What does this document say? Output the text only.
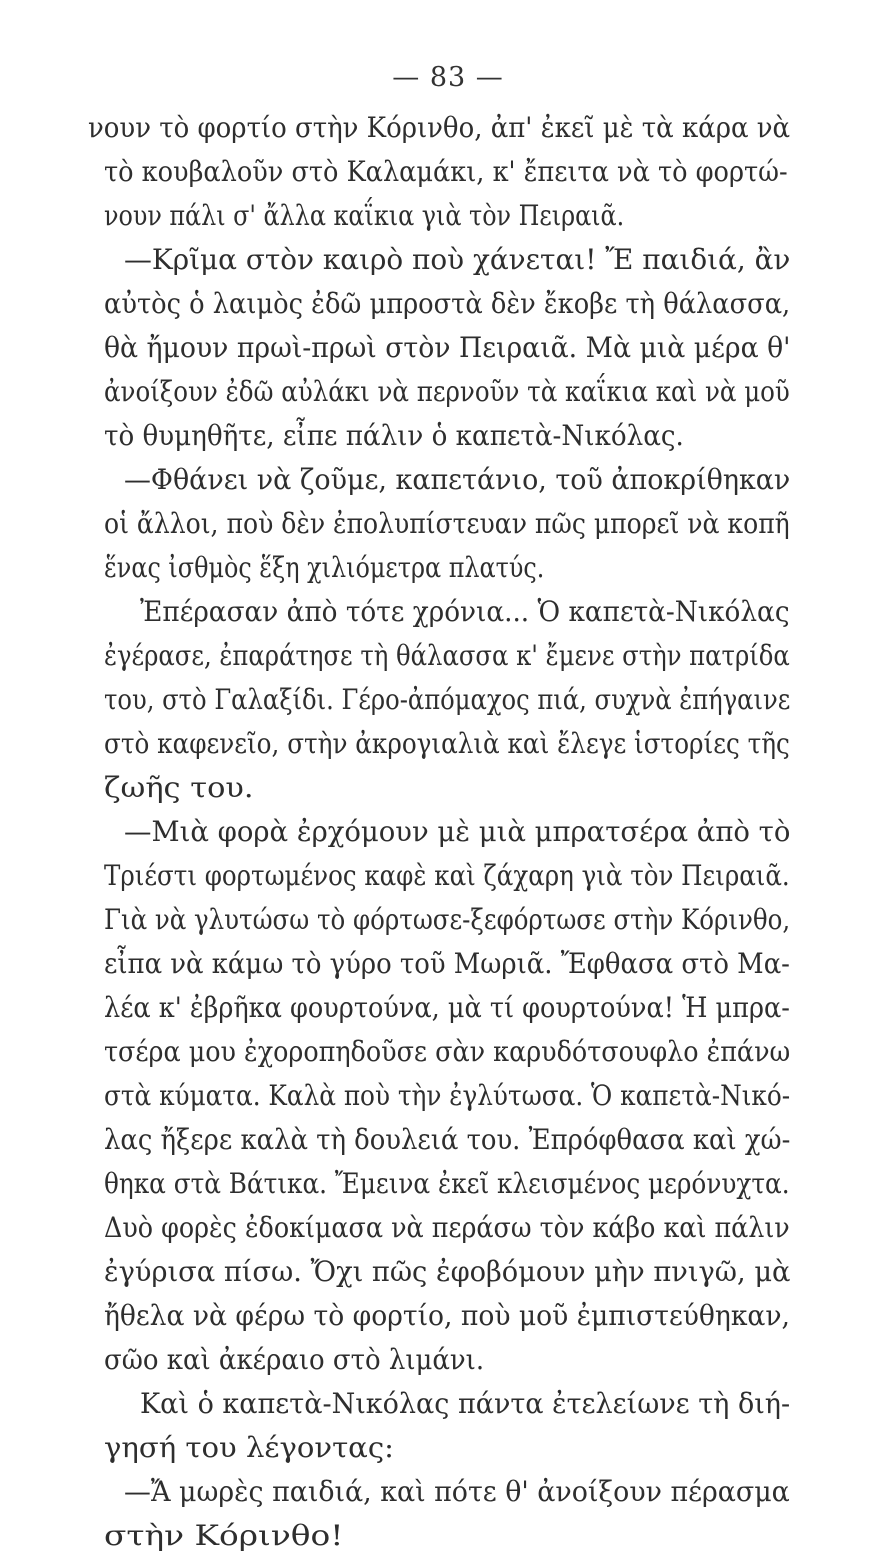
— 83 —
νουν τὸ φορτίο στὴν Κόρινθο, ἀπ' ἐκεῖ μὲ τὰ κάρα νὰ
τὸ κουβαλοῦν στὸ Καλαμάκι, κ' ἔπειτα νὰ τὸ φορτώ-
νουν πάλι σ' ἄλλα καΐκια γιὰ τὸν Πειραιᾶ.
—Κρῖμα στὸν καιρὸ ποὺ χάνεται! Ἔ παιδιά, ἂν
αὐτὸς ὁ λαιμὸς ἐδῶ μπροστὰ δὲν ἔκοβε τὴ θάλασσα,
θὰ ἤμουν πρωὶ-πρωὶ στὸν Πειραιᾶ. Μὰ μιὰ μέρα θ'
ἀνοίξουν ἐδῶ αὐλάκι νὰ περνοῦν τὰ καΐκια καὶ νὰ μοῦ
τὸ θυμηθῆτε, εἶπε πάλιν ὁ καπετὰ-Νικόλας.
—Φθάνει νὰ ζοῦμε, καπετάνιο, τοῦ ἀποκρίθηκαν
οἱ ἄλλοι, ποὺ δὲν ἐπολυπίστευαν πῶς μπορεῖ νὰ κοπῆ
ἕνας ἰσθμὸς ἕξη χιλιόμετρα πλατύς.
Ἐπέρασαν ἀπὸ τότε χρόνια... Ὁ καπετὰ-Νικόλας
ἐγέρασε, ἐπαράτησε τὴ θάλασσα κ' ἔμενε στὴν πατρίδα
του, στὸ Γαλαξίδι. Γέρο-ἀπόμαχος πιά, συχνὰ ἐπήγαινε
στὸ καφενεῖο, στὴν ἀκρογιαλιὰ καὶ ἔλεγε ἱστορίες τῆς
ζωῆς του.
—Μιὰ φορὰ ἐρχόμουν μὲ μιὰ μπρατσέρα ἀπὸ τὸ
Τριέστι φορτωμένος καφὲ καὶ ζάχαρη γιὰ τὸν Πειραιᾶ.
Γιὰ νὰ γλυτώσω τὸ φόρτωσε-ξεφόρτωσε στὴν Κόρινθο,
εἶπα νὰ κάμω τὸ γύρο τοῦ Μωριᾶ. Ἔφθασα στὸ Μα-
λέα κ' ἐβρῆκα φουρτούνα, μὰ τί φουρτούνα! Ἡ μπρα-
τσέρα μου ἐχοροπηδοῦσε σὰν καρυδότσουφλο ἐπάνω
στὰ κύματα. Καλὰ ποὺ τὴν ἐγλύτωσα. Ὁ καπετὰ-Νικό-
λας ἤξερε καλὰ τὴ δουλειά του. Ἐπρόφθασα καὶ χώ-
θηκα στὰ Βάτικα. Ἔμεινα ἐκεῖ κλεισμένος μερόνυχτα.
Δυὸ φορὲς ἐδοκίμασα νὰ περάσω τὸν κάβο καὶ πάλιν
ἐγύρισα πίσω. Ὄχι πῶς ἐφοβόμουν μὴν πνιγῶ, μὰ
ἤθελα νὰ φέρω τὸ φορτίο, ποὺ μοῦ ἐμπιστεύθηκαν,
σῶο καὶ ἀκέραιο στὸ λιμάνι.
Καὶ ὁ καπετὰ-Νικόλας πάντα ἐτελείωνε τὴ διή-
γησή του λέγοντας:
—Ἄ μωρὲς παιδιά, καὶ πότε θ' ἀνοίξουν πέρασμα
στὴν Κόρινθο!
